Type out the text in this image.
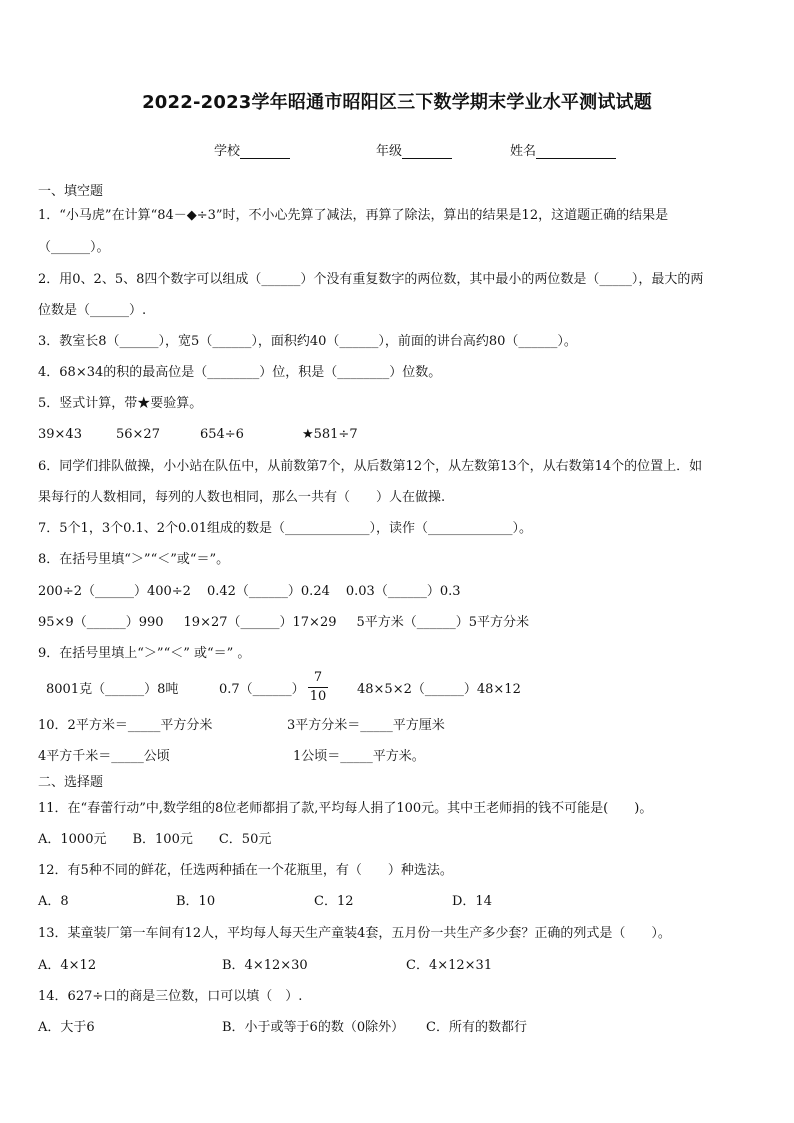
2022-2023学年昭通市昭阳区三下数学期末学业水平测试试题
学校	年级	姓名
一、填空题
1．“小马虎”在计算“84－◆÷3”时，不小心先算了减法，再算了除法，算出的结果是12，这道题正确的结果是
（______）。
2．用0、2、5、8四个数字可以组成（______）个没有重复数字的两位数，其中最小的两位数是（_____），最大的两
位数是（______）.
3．教室长8（______），宽5（______），面积约40（______），前面的讲台高约80（______）。
4．68×34的积的最高位是（________）位，积是（________）位数。
5．竖式计算，带★要验算。
39×43	56×27	654÷6	★581÷7
6．同学们排队做操，小小站在队伍中，从前数第7个，从后数第12个，从左数第13个，从右数第14个的位置上．如
果每行的人数相同，每列的人数也相同，那么一共有（　　）人在做操.
7．5个1，3个0.1、2个0.01组成的数是（_____________），读作（_____________）。
8．在括号里填“＞”“＜”或“＝”。
200÷2（______）400÷2 0.42（______）0.24 0.03（______）0.3
95×9（______）990 19×27（______）17×29 5平方米（______）5平方分米
9．在括号里填上“＞”“＜” 或“＝” 。
8001克（______）8吨	0.7（______）
7
10 48×5×2（______）48×12
10．2平方米＝_____平方分米	3平方分米＝_____平方厘米
4平方千米＝_____公顷	1公顷＝_____平方米。
二、选择题
11．在“春蕾行动”中,数学组的8位老师都捐了款,平均每人捐了100元。其中王老师捐的钱不可能是(　　)。
A．1000元 B．100元 C．50元
12．有5种不同的鲜花，任选两种插在一个花瓶里，有（　　）种选法。
A．8	B．10	C．12	D．14
13．某童装厂第一车间有12人，平均每人每天生产童装4套，五月份一共生产多少套？正确的列式是（　　）。
A．4×12	B．4×12×30	C．4×12×31
14．627÷口的商是三位数，口可以填（　）.
A．大于6	B．小于或等于6的数（0除外） C．所有的数都行
